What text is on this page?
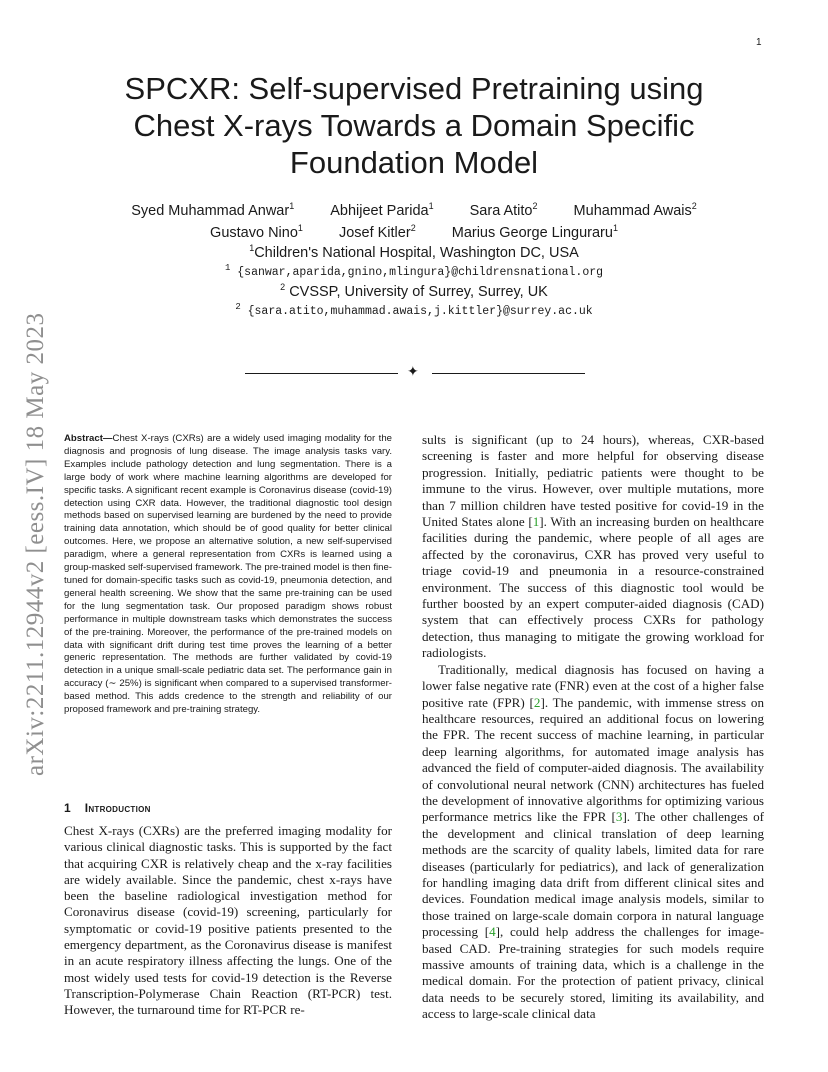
1
arXiv:2211.12944v2 [eess.IV] 18 May 2023
SPCXR: Self-supervised Pretraining using Chest X-rays Towards a Domain Specific Foundation Model
Syed Muhammad Anwar$^1$ Abhijeet Parida$^1$ Sara Atito$^2$ Muhammad Awais$^2$
Gustavo Nino$^1$ Josef Kitler$^2$ Marius George Linguraru$^1$
$^1$Children's National Hospital, Washington DC, USA
$^1$ {sanwar,aparida,gnino,mlingura}@childrensnational.org
$^2$ CVSSP, University of Surrey, Surrey, UK
$^2$ {sara.atito,muhammad.awais,j.kittler}@surrey.ac.uk
✦

Abstract—Chest X-rays (CXRs) are a widely used imaging modality for the diagnosis and prognosis of lung disease. The image analysis tasks vary. Examples include pathology detection and lung segmentation. There is a large body of work where machine learning algorithms are developed for specific tasks. A significant recent example is Coronavirus disease (covid-19) detection using CXR data. However, the traditional diagnostic tool design methods based on supervised learning are burdened by the need to provide training data annotation, which should be of good quality for better clinical outcomes. Here, we propose an alternative solution, a new self-supervised paradigm, where a general representation from CXRs is learned using a group-masked self-supervised framework. The pre-trained model is then fine-tuned for domain-specific tasks such as covid-19, pneumonia detection, and general health screening. We show that the same pre-training can be used for the lung segmentation task. Our proposed paradigm shows robust performance in multiple downstream tasks which demonstrates the success of the pre-training. Moreover, the performance of the pre-trained models on data with significant drift during test time proves the learning of a better generic representation. The methods are further validated by covid-19 detection in a unique small-scale pediatric data set. The performance gain in accuracy (∼ 25%) is significant when compared to a supervised transformer-based method. This adds credence to the strength and reliability of our proposed framework and pre-training strategy.

1 Introduction

Chest X-rays (CXRs) are the preferred imaging modality for various clinical diagnostic tasks. This is supported by the fact that acquiring CXR is relatively cheap and the x-ray facilities are widely available. Since the pandemic, chest x-rays have been the baseline radiological investigation method for Coronavirus disease (covid-19) screening, particularly for symptomatic or covid-19 positive patients presented to the emergency department, as the Coronavirus disease is manifest in an acute respiratory illness affecting the lungs. One of the most widely used tests for covid-19 detection is the Reverse Transcription-Polymerase Chain Reaction (RT-PCR) test. However, the turnaround time for RT-PCR re-

sults is significant (up to 24 hours), whereas, CXR-based screening is faster and more helpful for observing disease progression. Initially, pediatric patients were thought to be immune to the virus. However, over multiple mutations, more than 7 million children have tested positive for covid-19 in the United States alone [1]. With an increasing burden on healthcare facilities during the pandemic, where people of all ages are affected by the coronavirus, CXR has proved very useful to triage covid-19 and pneumonia in a resource-constrained environment. The success of this diagnostic tool would be further boosted by an expert computer-aided diagnosis (CAD) system that can effectively process CXRs for pathology detection, thus managing to mitigate the growing workload for radiologists.

Traditionally, medical diagnosis has focused on having a lower false negative rate (FNR) even at the cost of a higher false positive rate (FPR) [2]. The pandemic, with immense stress on healthcare resources, required an additional focus on lowering the FPR. The recent success of machine learning, in particular deep learning algorithms, for automated image analysis has advanced the field of computer-aided diagnosis. The availability of convolutional neural network (CNN) architectures has fueled the development of innovative algorithms for optimizing various performance metrics like the FPR [3]. The other challenges of the development and clinical translation of deep learning methods are the scarcity of quality labels, limited data for rare diseases (particularly for pediatrics), and lack of generalization for handling imaging data drift from different clinical sites and devices. Foundation medical image analysis models, similar to those trained on large-scale domain corpora in natural language processing [4], could help address the challenges for image-based CAD. Pre-training strategies for such models require massive amounts of training data, which is a challenge in the medical domain. For the protection of patient privacy, clinical data needs to be securely stored, limiting its availability, and access to large-scale clinical data
